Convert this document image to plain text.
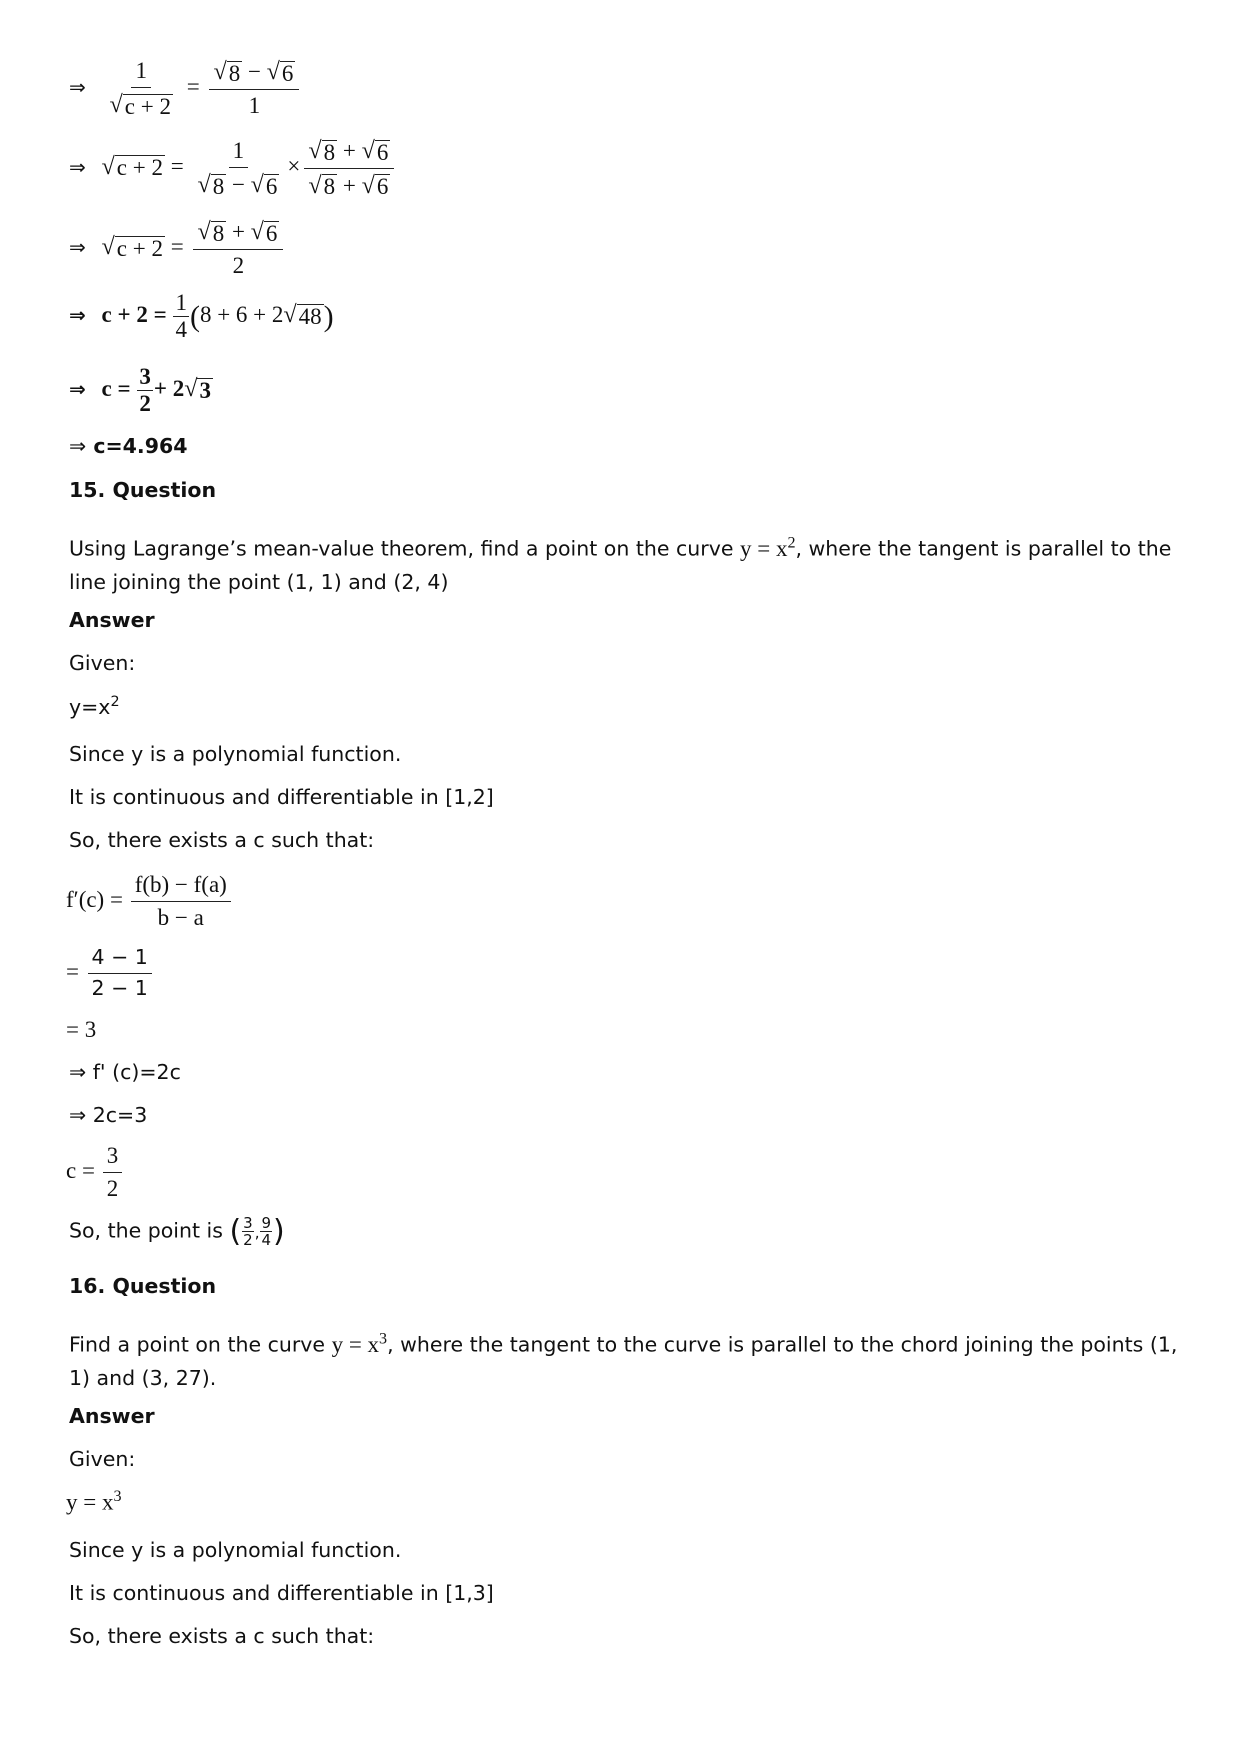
⇒ $\frac{1}{√ c + 2} = \frac{√ 8 - √ 6}{1}$
⇒ √ $c + 2 = \frac{1}{√ 8 - √ 6} \times \frac{√ 8 + √ 6}{√ 8 + √ 6}$
⇒ √ $c + 2 = \frac{√ 8 + √ 6}{2}$
⇒ $c + 2 = \frac{1}{4} (8 + 6 + 2$ √ 48 )
⇒ $c = \frac{3}{2} + 2$ √ 3
⇒ c=4.964
15. Question
Using Lagrange’s mean-value theorem, find a point on the curve $y = x^2$, where the tangent is parallel to the
line joining the point (1, 1) and (2, 4)
Answer
Given:
$y=x^2$
Since y is a polynomial function.
It is continuous and differentiable in [1,2]
So, there exists a c such that:
$f'(c) = \frac{f(b) - f(a)}{b - a}$
= $\frac{4 - 1}{2 - 1}$
= 3
⇒ f' (c)=2c
⇒ 2c=3
$c = \frac{3}{2}$
So, the point is ( $\frac{3}{2}$ , $\frac{9}{4}$ )
16. Question
Find a point on the curve $y = x^3$, where the tangent to the curve is parallel to the chord joining the points (1,
1) and (3, 27).
Answer
Given:
$y = x^3$
Since y is a polynomial function.
It is continuous and differentiable in [1,3]
So, there exists a c such that:
